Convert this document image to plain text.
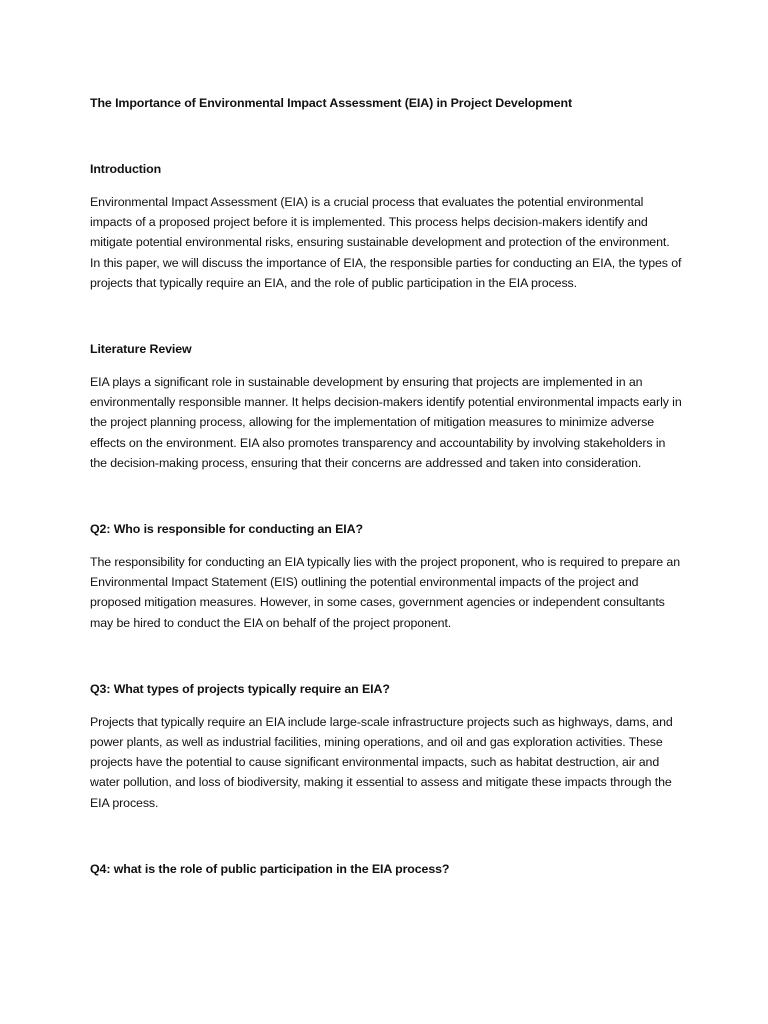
The Importance of Environmental Impact Assessment (EIA) in Project Development
Introduction

Environmental Impact Assessment (EIA) is a crucial process that evaluates the potential environmental impacts of a proposed project before it is implemented. This process helps decision-makers identify and mitigate potential environmental risks, ensuring sustainable development and protection of the environment. In this paper, we will discuss the importance of EIA, the responsible parties for conducting an EIA, the types of projects that typically require an EIA, and the role of public participation in the EIA process.

Literature Review

EIA plays a significant role in sustainable development by ensuring that projects are implemented in an environmentally responsible manner. It helps decision-makers identify potential environmental impacts early in the project planning process, allowing for the implementation of mitigation measures to minimize adverse effects on the environment. EIA also promotes transparency and accountability by involving stakeholders in the decision-making process, ensuring that their concerns are addressed and taken into consideration.

Q2: Who is responsible for conducting an EIA?

The responsibility for conducting an EIA typically lies with the project proponent, who is required to prepare an Environmental Impact Statement (EIS) outlining the potential environmental impacts of the project and proposed mitigation measures. However, in some cases, government agencies or independent consultants may be hired to conduct the EIA on behalf of the project proponent.

Q3: What types of projects typically require an EIA?

Projects that typically require an EIA include large-scale infrastructure projects such as highways, dams, and power plants, as well as industrial facilities, mining operations, and oil and gas exploration activities. These projects have the potential to cause significant environmental impacts, such as habitat destruction, air and water pollution, and loss of biodiversity, making it essential to assess and mitigate these impacts through the EIA process.

Q4: what is the role of public participation in the EIA process?
